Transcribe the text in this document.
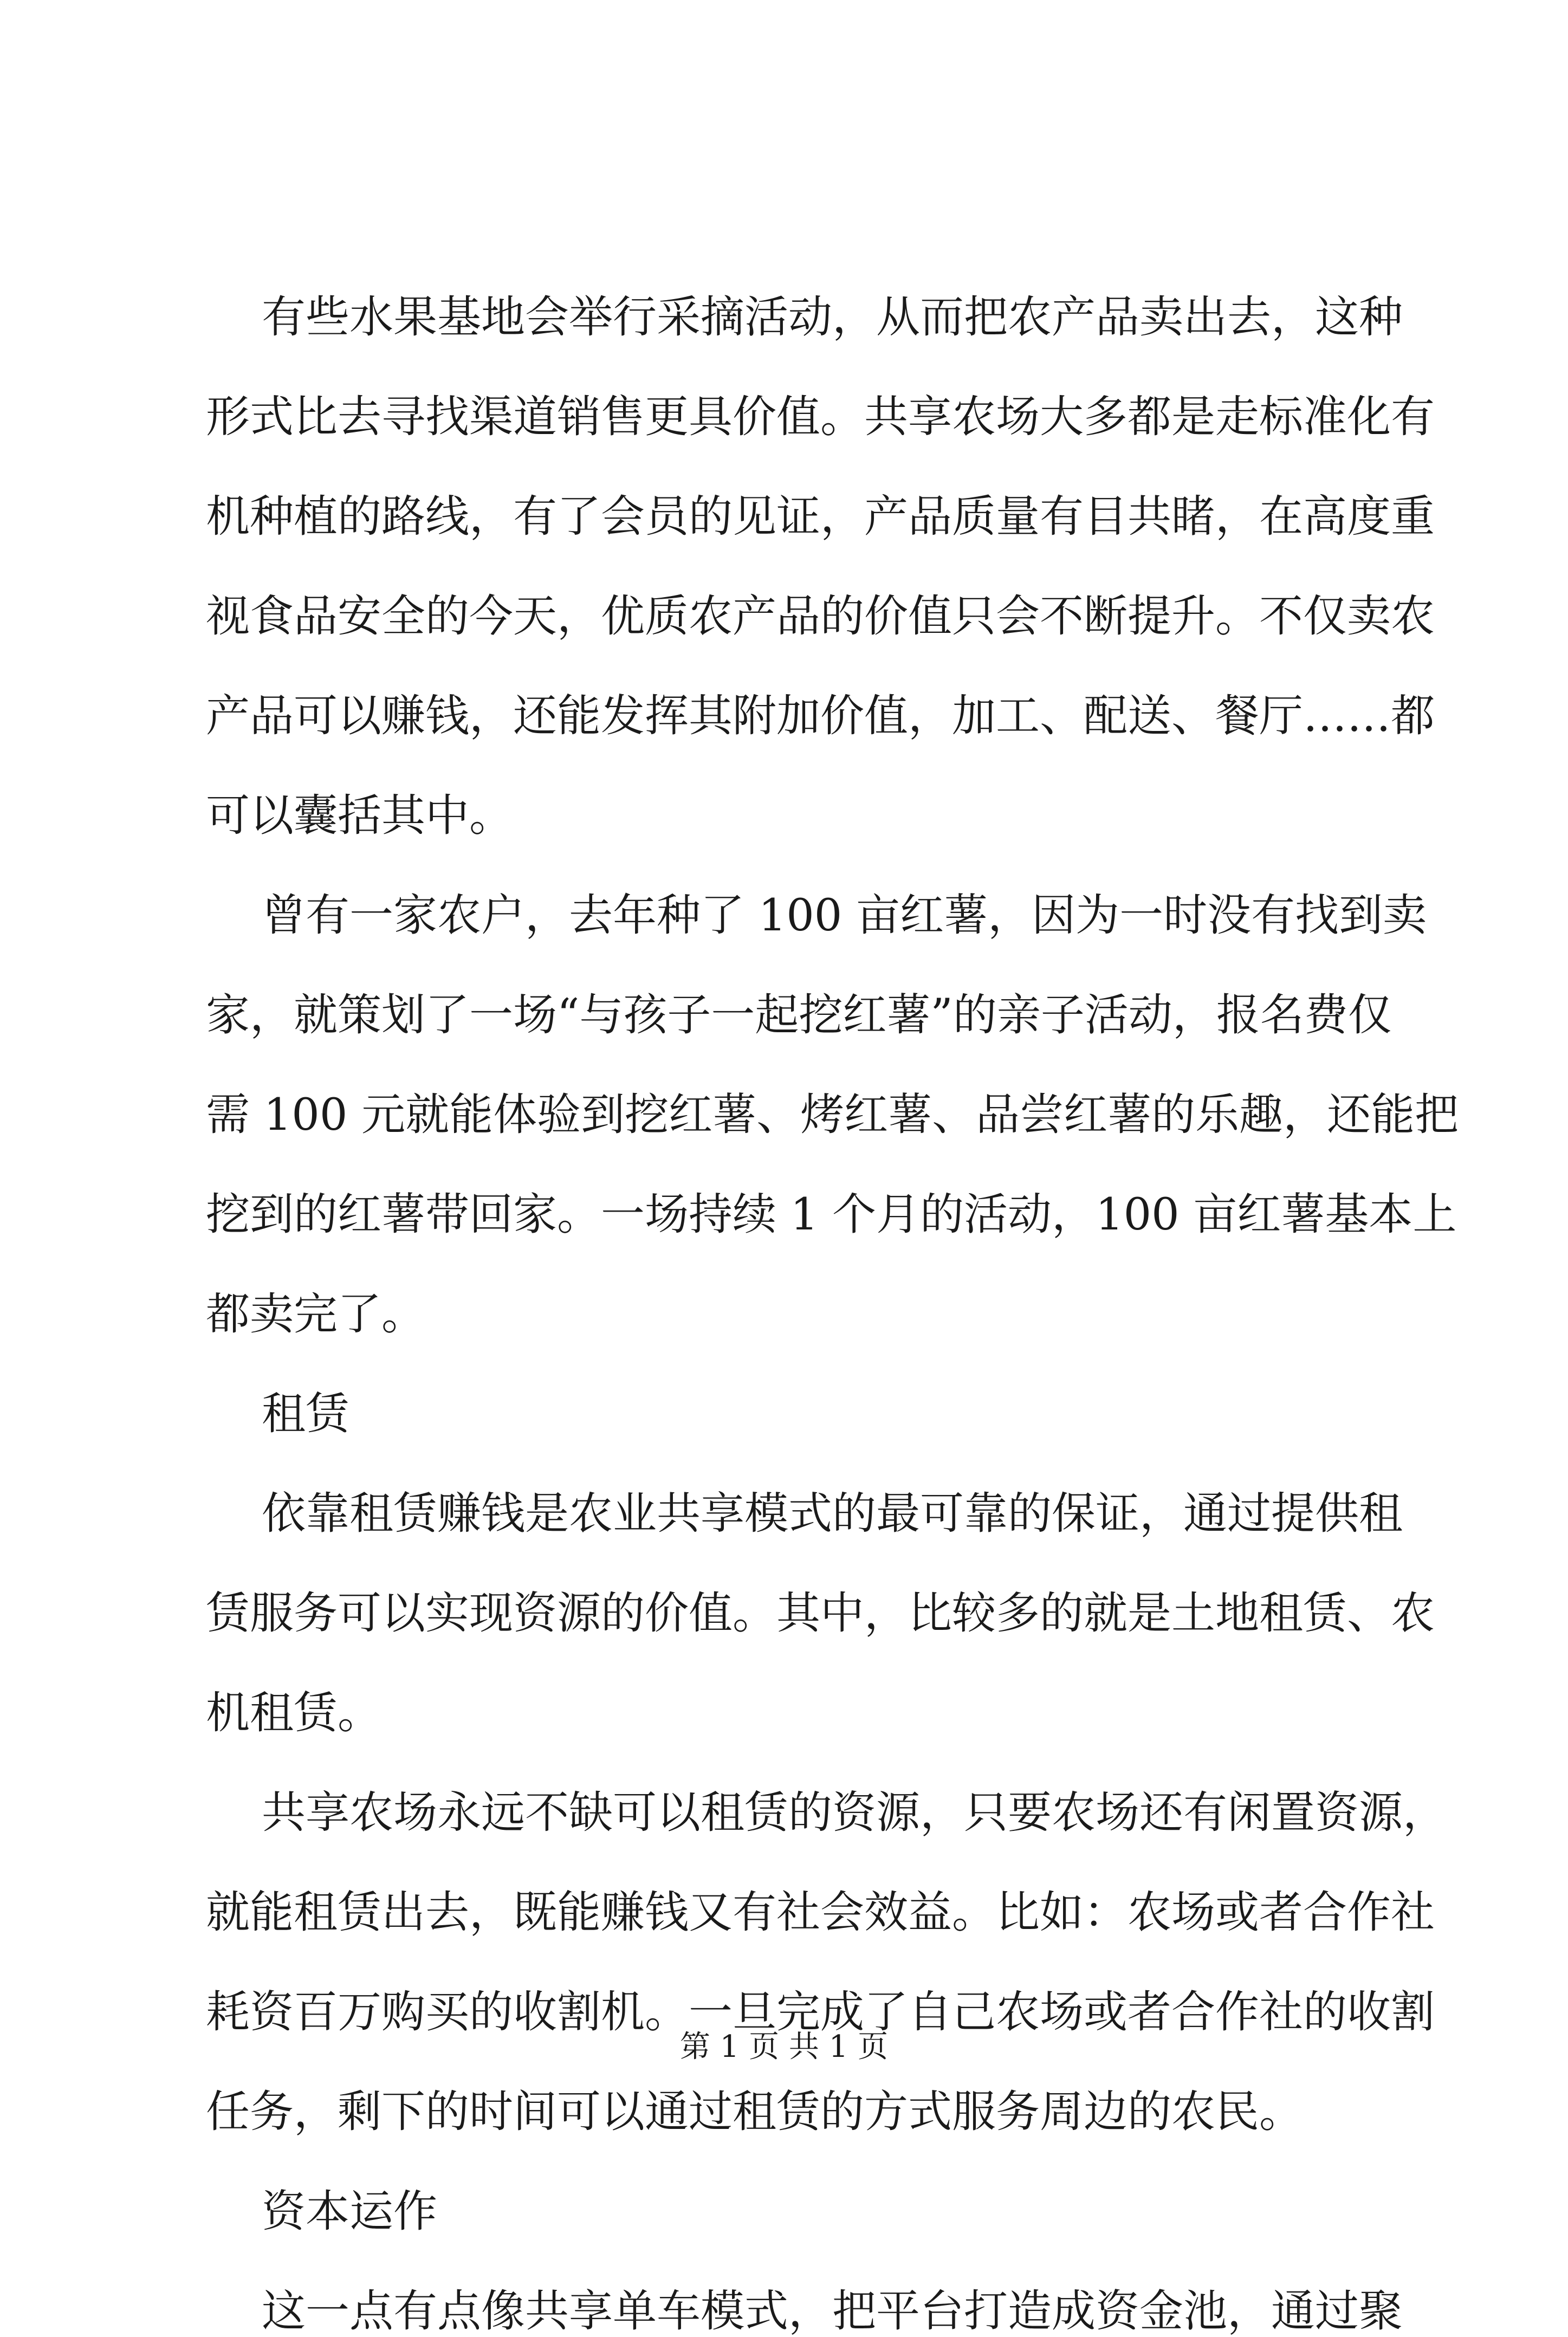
有些水果基地会举行采摘活动，从而把农产品卖出去，这种

形式比去寻找渠道销售更具价值。共享农场大多都是走标准化有

机种植的路线，有了会员的见证，产品质量有目共睹，在高度重

视食品安全的今天，优质农产品的价值只会不断提升。不仅卖农

产品可以赚钱，还能发挥其附加价值，加工、配送、餐厅……都

可以囊括其中。

曾有一家农户，去年种了 100 亩红薯，因为一时没有找到卖

家，就策划了一场“与孩子一起挖红薯”的亲子活动，报名费仅

需 100 元就能体验到挖红薯、烤红薯、品尝红薯的乐趣，还能把

挖到的红薯带回家。一场持续 1 个月的活动，100 亩红薯基本上

都卖完了。

租赁

依靠租赁赚钱是农业共享模式的最可靠的保证，通过提供租

赁服务可以实现资源的价值。其中，比较多的就是土地租赁、农

机租赁。

共享农场永远不缺可以租赁的资源，只要农场还有闲置资源，

就能租赁出去，既能赚钱又有社会效益。比如：农场或者合作社

耗资百万购买的收割机。一旦完成了自己农场或者合作社的收割

任务，剩下的时间可以通过租赁的方式服务周边的农民。

资本运作

这一点有点像共享单车模式，把平台打造成资金池，通过聚

第 1 页 共 1 页
